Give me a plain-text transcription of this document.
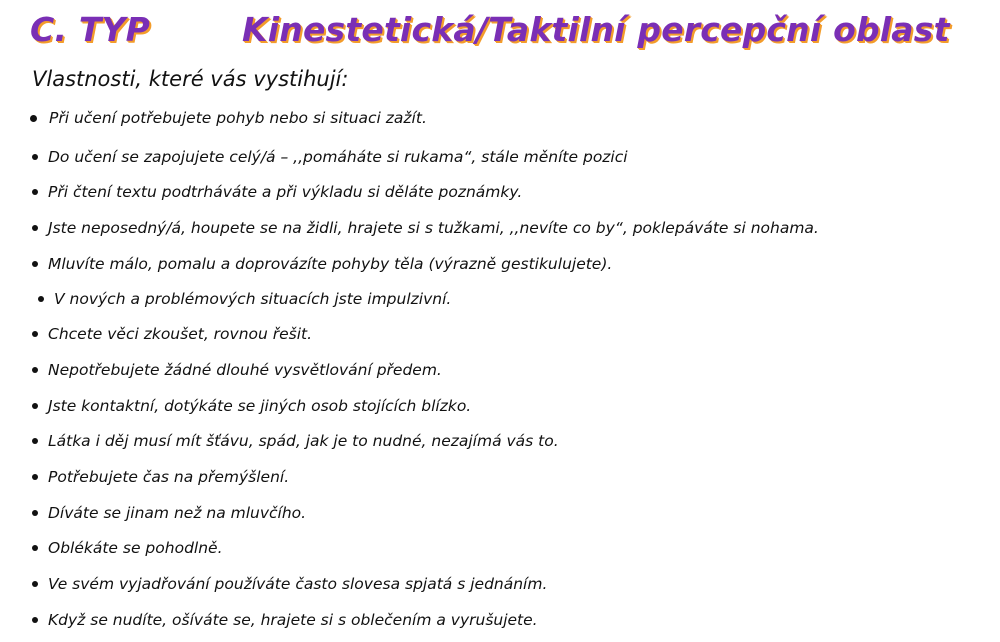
C. TYP	Kinestetická/Taktilní percepční oblast
Vlastnosti, které vás vystihují:
Při učení potřebujete pohyb nebo si situaci zažít.
Do učení se zapojujete celý/á – ,,pomáháte si rukama“, stále měníte pozici
Při čtení textu podtrháváte a při výkladu si děláte poznámky.
Jste neposedný/á, houpete se na židli, hrajete si s tužkami, ,,nevíte co by“, poklepáváte si nohama.
Mluvíte málo, pomalu a doprovázíte pohyby těla (výrazně gestikulujete).
V nových a problémových situacích jste impulzivní.
Chcete věci zkoušet, rovnou řešit.
Nepotřebujete žádné dlouhé vysvětlování předem.
Jste kontaktní, dotýkáte se jiných osob stojících blízko.
Látka i děj musí mít šťávu, spád, jak je to nudné, nezajímá vás to.
Potřebujete čas na přemýšlení.
Díváte se jinam než na mluvčího.
Oblékáte se pohodlně.
Ve svém vyjadřování používáte často slovesa spjatá s jednáním.
Když se nudíte, ošíváte se, hrajete si s oblečením a vyrušujete.
